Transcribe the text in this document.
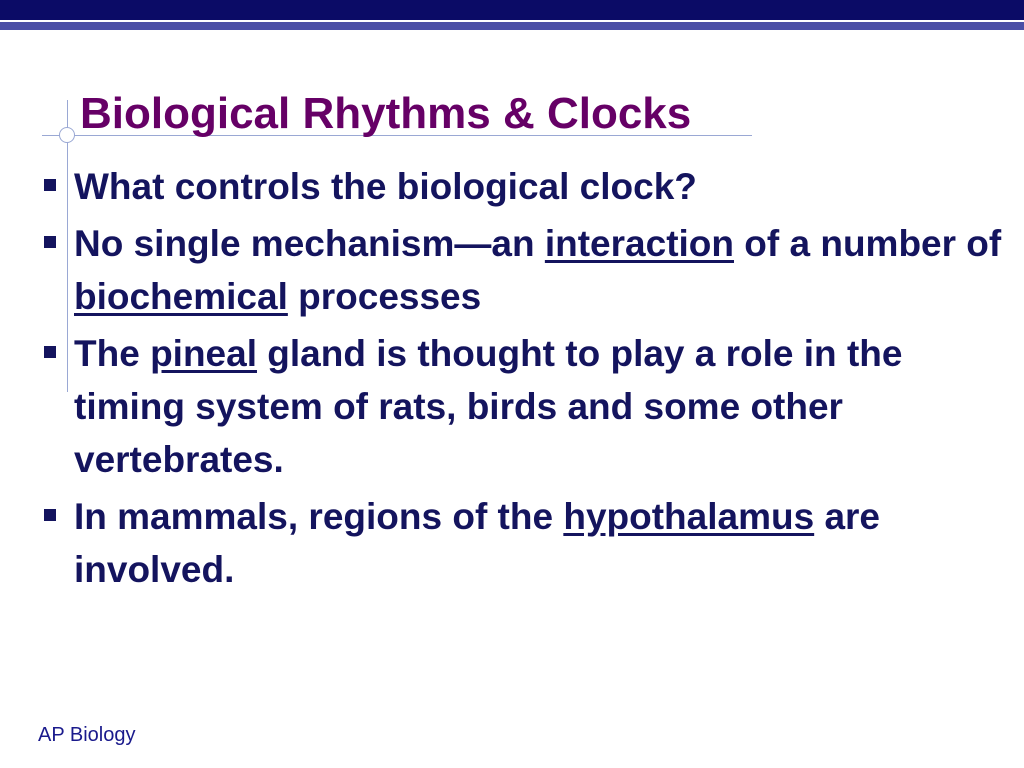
Biological Rhythms & Clocks
What controls the biological clock?
No single mechanism—an interaction of a number of biochemical processes
The pineal gland is thought to play a role in the timing system of rats, birds and some other vertebrates.
In mammals, regions of the hypothalamus are involved.
AP Biology
